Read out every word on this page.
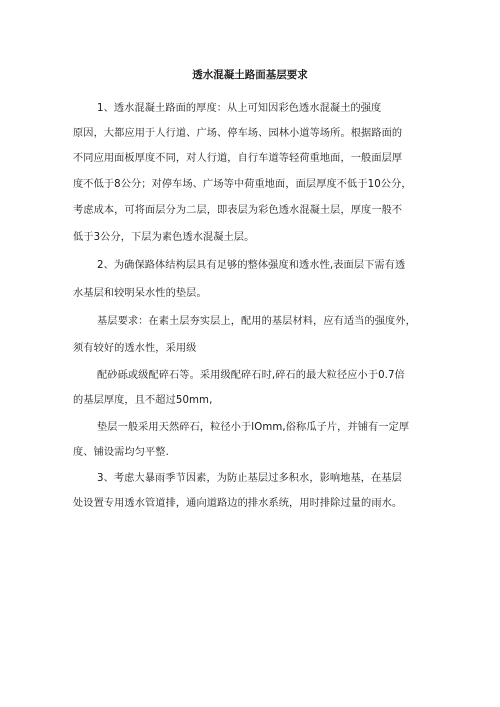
透水混凝土路面基层要求
1、透水混凝土路面的厚度：从上可知因彩色透水混凝土的强度
原因，大都应用于人行道、广场、停车场、园林小道等场所。根据路面的
不同应用面板厚度不同，对人行道，自行车道等轻荷重地面，一般面层厚
度不低于8公分；对停车场、广场等中荷重地面，面层厚度不低于10公分，
考虑成本，可将面层分为二层，即表层为彩色透水混凝土层，厚度一般不
低于3公分，下层为素色透水混凝土层。
2、为确保路体结构层具有足够的整体强度和透水性,表面层下需有透
水基层和较明呆水性的垫层。
基层要求：在素土层夯实层上，配用的基层材料，应有适当的强度外，
须有较好的透水性，采用级
配砂砾或级配碎石等。采用级配碎石时,碎石的最大粒径应小于0.7倍
的基层厚度，且不超过50mm,
垫层一般采用天然碎石，粒径小于lOmm,俗称瓜子片，并铺有一定厚
度、铺设需均匀平整.
3、考虑大暴雨季节因素，为防止基层过多积水，影响地基，在基层
处设置专用透水管道排，通向道路边的排水系统，用时排除过量的雨水。
